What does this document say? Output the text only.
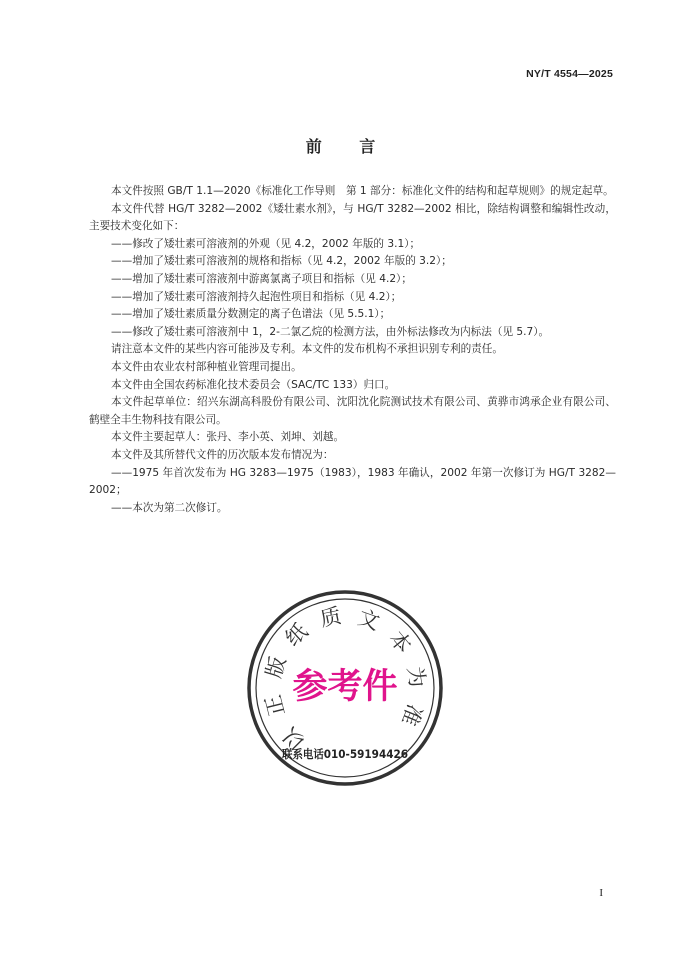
NY/T 4554—2025
前 言

本文件按照 GB/T 1.1—2020《标准化工作导则　第 1 部分：标准化文件的结构和起草规则》的规定起草。

本文件代替 HG/T 3282—2002《矮壮素水剂》，与 HG/T 3282—2002 相比，除结构调整和编辑性改动，主要技术变化如下：

——修改了矮壮素可溶液剂的外观（见 4.2，2002 年版的 3.1）；

——增加了矮壮素可溶液剂的规格和指标（见 4.2，2002 年版的 3.2）；

——增加了矮壮素可溶液剂中游离氯离子项目和指标（见 4.2）；

——增加了矮壮素可溶液剂持久起泡性项目和指标（见 4.2）；

——增加了矮壮素质量分数测定的离子色谱法（见 5.5.1）；

——修改了矮壮素可溶液剂中 1，2-二氯乙烷的检测方法，由外标法修改为内标法（见 5.7）。

请注意本文件的某些内容可能涉及专利。本文件的发布机构不承担识别专利的责任。

本文件由农业农村部种植业管理司提出。

本文件由全国农药标准化技术委员会（SAC/TC 133）归口。

本文件起草单位：绍兴东湖高科股份有限公司、沈阳沈化院测试技术有限公司、黄骅市鸿承企业有限公司、鹤壁全丰生物科技有限公司。

本文件主要起草人：张丹、李小英、刘坤、刘越。

本文件及其所替代文件的历次版本发布情况为：

——1975 年首次发布为 HG 3283—1975（1983），1983 年确认，2002 年第一次修订为 HG/T 3282—2002；

——本次为第二次修订。

以
正
版
纸
质 文
本
为
准
参考件
联系电话010-59194426
I
